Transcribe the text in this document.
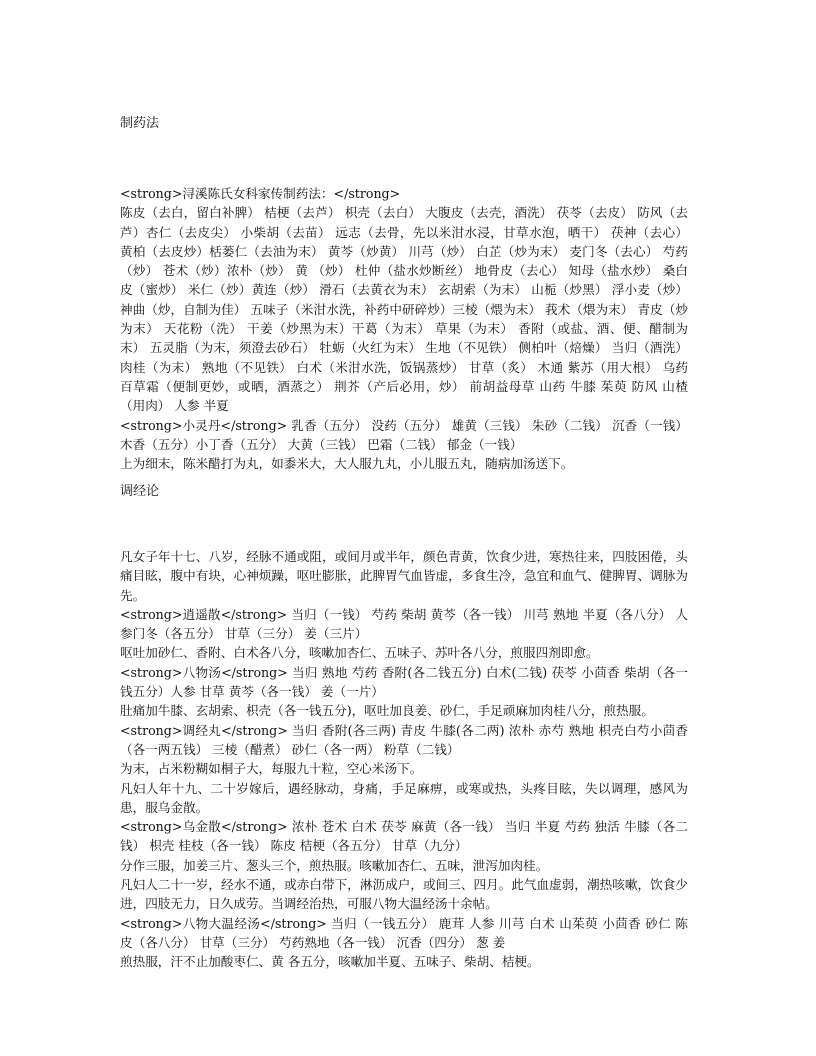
制药法

<strong>浔溪陈氏女科家传制药法：</strong>

陈皮（去白，留白补脾） 桔梗（去芦） 枳壳（去白） 大腹皮（去壳，酒洗） 茯苓（去皮） 防风（去芦）杏仁（去皮尖） 小柴胡（去苗） 远志（去骨，先以米泔水浸，甘草水泡，晒干） 茯神（去心） 黄柏（去皮炒）栝蒌仁（去油为末） 黄芩（炒黄） 川芎（炒） 白芷（炒为末） 麦门冬（去心） 芍药（炒） 苍术（炒）浓朴（炒） 黄 （炒） 杜仲（盐水炒断丝） 地骨皮（去心） 知母（盐水炒） 桑白皮（蜜炒） 米仁（炒）黄连（炒） 滑石（去黄衣为末） 玄胡索（为末） 山栀（炒黑） 浮小麦（炒） 神曲（炒，自制为佳） 五味子（米泔水洗，补药中研碎炒）三棱（煨为末） 莪术（煨为末） 青皮（炒为末） 天花粉（洗） 干姜（炒黑为末）干葛（为末） 草果（为末） 香附（或盐、酒、便、醋制为末） 五灵脂（为末，须澄去砂石） 牡蛎（火红为末） 生地（不见铁） 侧柏叶（焙燥） 当归（酒洗） 肉桂（为末） 熟地（不见铁） 白术（米泔水洗，饭锅蒸炒） 甘草（炙） 木通 紫苏（用大根） 乌药 百草霜（便制更妙，或晒，酒蒸之） 荆芥（产后必用，炒） 前胡益母草 山药 牛膝 茱萸 防风 山楂（用肉） 人参 半夏

<strong>小灵丹</strong> 乳香（五分） 没药（五分） 雄黄（三钱） 朱砂（二钱） 沉香（一钱） 木香（五分）小丁香（五分） 大黄（三钱） 巴霜（二钱） 郁金（一钱）

上为细末，陈米醋打为丸，如黍米大，大人服九丸，小儿服五丸，随病加汤送下。

调经论

凡女子年十七、八岁，经脉不通或阻，或间月或半年，颜色青黄，饮食少进，寒热往来，四肢困倦，头痛目眩，腹中有块，心神烦躁，呕吐膨胀，此脾胃气血皆虚，多食生冷，急宜和血气、健脾胃、调脉为先。

<strong>逍遥散</strong> 当归（一钱） 芍药 柴胡 黄芩（各一钱） 川芎 熟地 半夏（各八分） 人参门冬（各五分） 甘草（三分） 姜（三片）

呕吐加砂仁、香附、白术各八分，咳嗽加杏仁、五味子、苏叶各八分，煎服四剂即愈。

<strong>八物汤</strong> 当归 熟地 芍药 香附(各二钱五分) 白术(二钱) 茯苓 小茴香 柴胡（各一钱五分）人参 甘草 黄芩（各一钱） 姜（一片）

肚痛加牛膝、玄胡索、枳壳（各一钱五分)，呕吐加良姜、砂仁，手足顽麻加肉桂八分，煎热服。

<strong>调经丸</strong> 当归 香附(各三两) 青皮 牛膝(各二两) 浓朴 赤芍 熟地 枳壳白芍小茴香（各一两五钱） 三棱（醋煮） 砂仁（各一两） 粉草（二钱）

为末，占米粉糊如桐子大，每服九十粒，空心米汤下。

凡妇人年十九、二十岁嫁后，遇经脉动，身痛，手足麻痹，或寒或热，头疼目眩，失以调理，感风为患，服乌金散。

<strong>乌金散</strong> 浓朴 苍术 白术 茯苓 麻黄（各一钱） 当归 半夏 芍药 独活 牛膝（各二钱） 枳壳 桂枝（各一钱） 陈皮 桔梗（各五分） 甘草（九分）

分作三服，加姜三片、葱头三个，煎热服。咳嗽加杏仁、五味，泄泻加肉桂。

凡妇人二十一岁，经水不通，或赤白带下，淋沥成户，或间三、四月。此气血虚弱，潮热咳嗽，饮食少进，四肢无力，日久成劳。当调经治热，可服八物大温经汤十余帖。

<strong>八物大温经汤</strong> 当归（一钱五分） 鹿茸 人参 川芎 白术 山茱萸 小茴香 砂仁 陈皮（各八分） 甘草（三分） 芍药熟地（各一钱） 沉香（四分） 葱 姜

煎热服，汗不止加酸枣仁、黄 各五分，咳嗽加半夏、五味子、柴胡、桔梗。
